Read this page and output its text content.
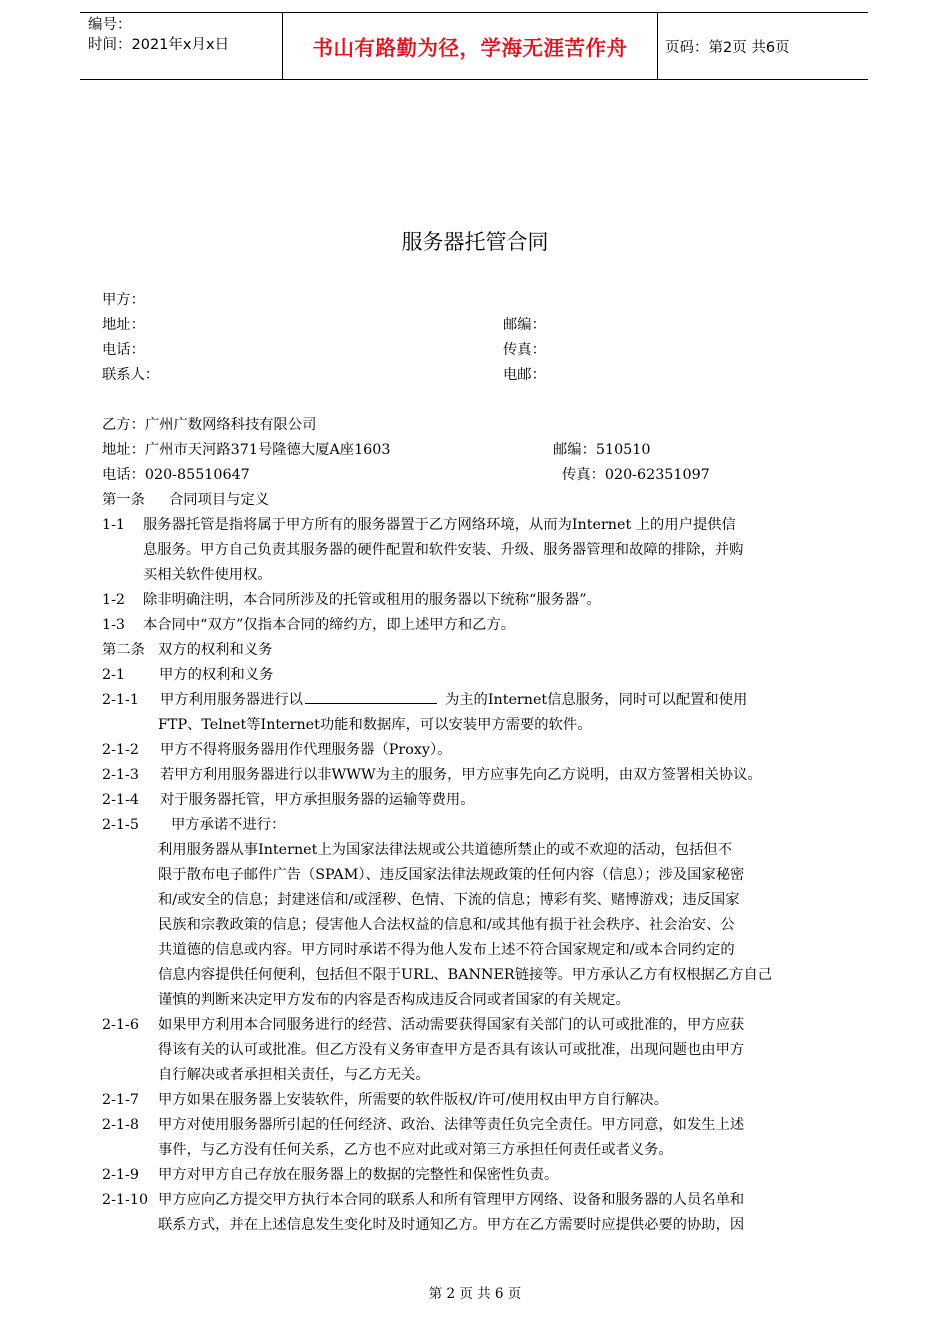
编号：
时间：2021年x月x日	书山有路勤为径，学海无涯苦作舟	页码：第2页 共6页
服务器托管合同
甲方：
地址：	邮编：
电话：	传真：
联系人：	电邮：
乙方：广州广数网络科技有限公司
地址：广州市天河路371号隆德大厦A座1603	邮编：510510
电话：020-85510647	传真：020-62351097
第一条 合同项目与定义
1-1 服务器托管是指将属于甲方所有的服务器置于乙方网络环境，从而为Internet 上的用户提供信
息服务。甲方自己负责其服务器的硬件配置和软件安装、升级、服务器管理和故障的排除，并购
买相关软件使用权。
1-2 除非明确注明，本合同所涉及的托管或租用的服务器以下统称“服务器”。
1-3 本合同中“双方”仅指本合同的缔约方，即上述甲方和乙方。
第二条 双方的权利和义务
2-1 甲方的权利和义务
2-1-1 甲方利用服务器进行以	为主的Internet信息服务，同时可以配置和使用
FTP、Telnet等Internet功能和数据库，可以安装甲方需要的软件。
2-1-2 甲方不得将服务器用作代理服务器（Proxy）。
2-1-3 若甲方利用服务器进行以非WWW为主的服务，甲方应事先向乙方说明，由双方签署相关协议。
2-1-4 对于服务器托管，甲方承担服务器的运输等费用。
2-1-5 甲方承诺不进行：
利用服务器从事Internet上为国家法律法规或公共道德所禁止的或不欢迎的活动，包括但不
限于散布电子邮件广告（SPAM）、违反国家法律法规政策的任何内容（信息）；涉及国家秘密
和/或安全的信息；封建迷信和/或淫秽、色情、下流的信息；博彩有奖、赌博游戏；违反国家
民族和宗教政策的信息；侵害他人合法权益的信息和/或其他有损于社会秩序、社会治安、公
共道德的信息或内容。甲方同时承诺不得为他人发布上述不符合国家规定和/或本合同约定的
信息内容提供任何便利，包括但不限于URL、BANNER链接等。甲方承认乙方有权根据乙方自己
谨慎的判断来决定甲方发布的内容是否构成违反合同或者国家的有关规定。
2-1-6 如果甲方利用本合同服务进行的经营、活动需要获得国家有关部门的认可或批准的，甲方应获
得该有关的认可或批准。但乙方没有义务审查甲方是否具有该认可或批准，出现问题也由甲方
自行解决或者承担相关责任，与乙方无关。
2-1-7 甲方如果在服务器上安装软件，所需要的软件版权/许可/使用权由甲方自行解决。
2-1-8 甲方对使用服务器所引起的任何经济、政治、法律等责任负完全责任。甲方同意，如发生上述
事件，与乙方没有任何关系，乙方也不应对此或对第三方承担任何责任或者义务。
2-1-9 甲方对甲方自己存放在服务器上的数据的完整性和保密性负责。
2-1-10 甲方应向乙方提交甲方执行本合同的联系人和所有管理甲方网络、设备和服务器的人员名单和
联系方式，并在上述信息发生变化时及时通知乙方。甲方在乙方需要时应提供必要的协助，因
第 2 页 共 6 页
